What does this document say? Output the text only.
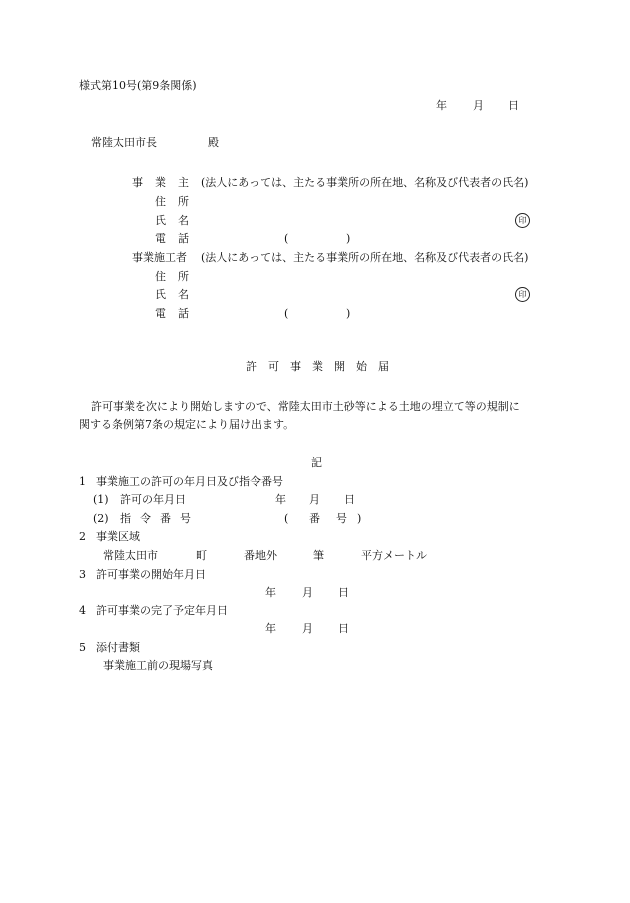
様式第10号(第9条関係)
年 月 日
常陸太田市長	殿
事 業 主 (法人にあっては、主たる事業所の所在地、名称及び代表者の氏名)
住 所
氏 名	印
電 話	(	)
事業施工者 (法人にあっては、主たる事業所の所在地、名称及び代表者の氏名)
住 所
氏 名	印
電 話	(	)
許 可 事 業 開 始 届
許可事業を次により開始しますので、常陸太田市土砂等による土地の埋立て等の規制に
関する条例第7条の規定により届け出ます。
記
1 事業施工の許可の年月日及び指令番号
(1) 許可の年月日	年 月 日
(2) 指 令 番 号	( 番 号 )
2 事業区域
常陸太田市	町	番地外	筆	平方メートル
3 許可事業の開始年月日
年 月 日
4 許可事業の完了予定年月日
年 月 日
5 添付書類
事業施工前の現場写真
